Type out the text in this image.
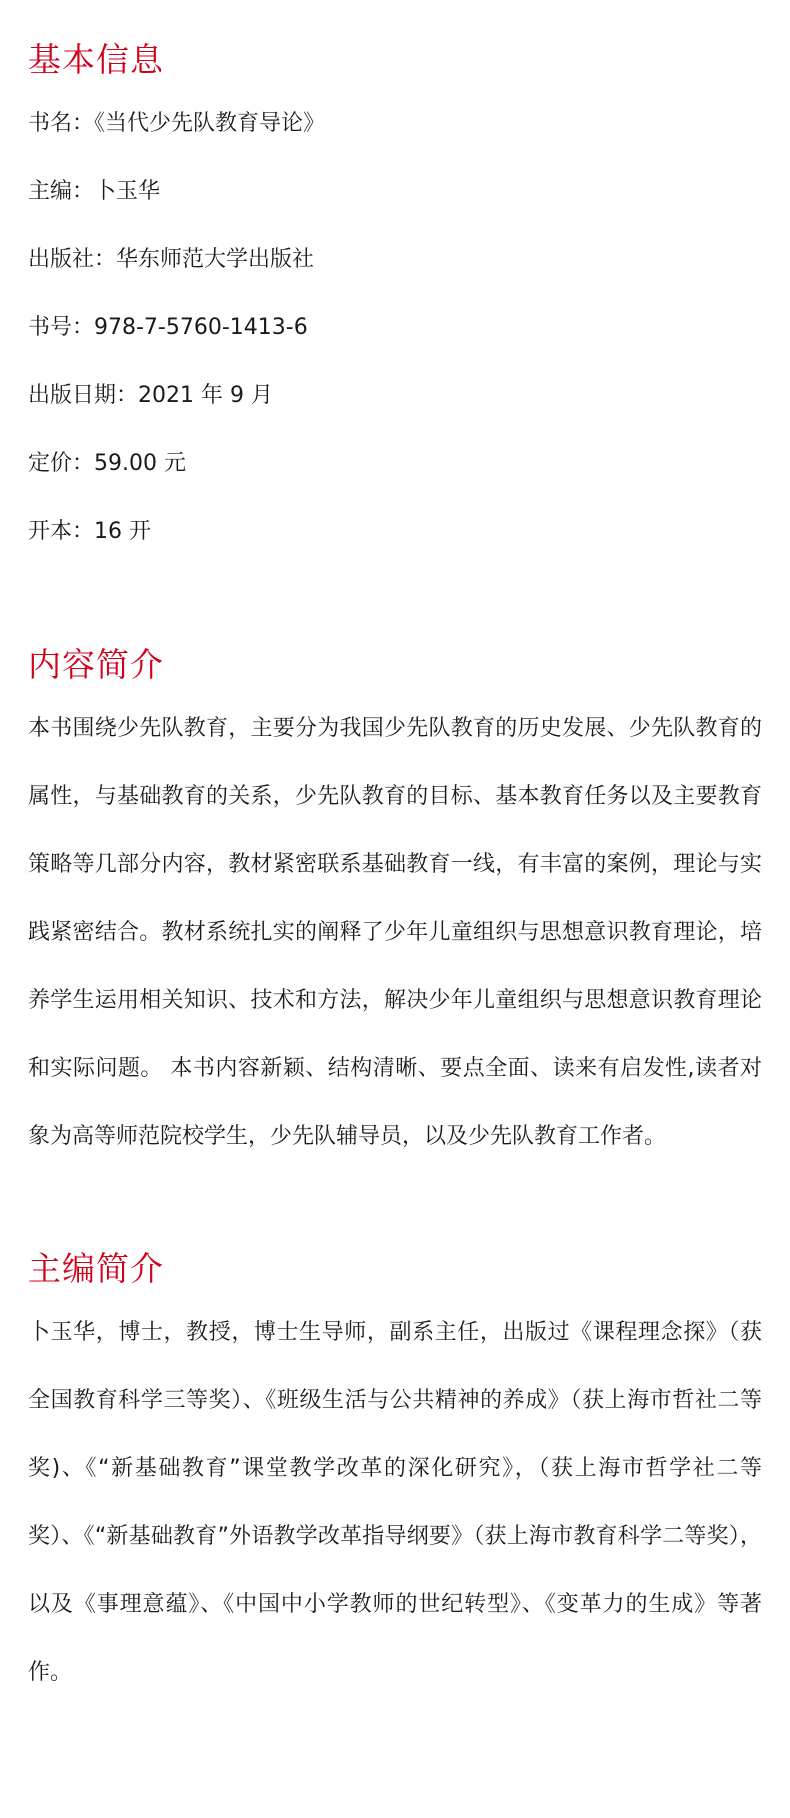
基本信息
书名：《当代少先队教育导论》
主编：卜玉华
出版社：华东师范大学出版社
书号：978-7-5760-1413-6
出版日期：2021 年 9 月
定价：59.00 元
开本：16 开
内容简介

本书围绕少先队教育，主要分为我国少先队教育的历史发展、少先队教育的属性，与基础教育的关系，少先队教育的目标、基本教育任务以及主要教育策略等几部分内容，教材紧密联系基础教育一线，有丰富的案例，理论与实践紧密结合。教材系统扎实的阐释了少年儿童组织与思想意识教育理论，培养学生运用相关知识、技术和方法，解决少年儿童组织与思想意识教育理论和实际问题。 本书内容新颖、结构清晰、要点全面、读来有启发性,读者对象为高等师范院校学生，少先队辅导员，以及少先队教育工作者。

主编简介

卜玉华，博士，教授，博士生导师，副系主任，出版过《课程理念探》（获全国教育科学三等奖）、《班级生活与公共精神的养成》（获上海市哲社二等奖)、《“新基础教育”课堂教学改革的深化研究》，（获上海市哲学社二等奖）、《“新基础教育”外语教学改革指导纲要》（获上海市教育科学二等奖），以及《事理意蕴》、《中国中小学教师的世纪转型》、《变革力的生成》等著作。
